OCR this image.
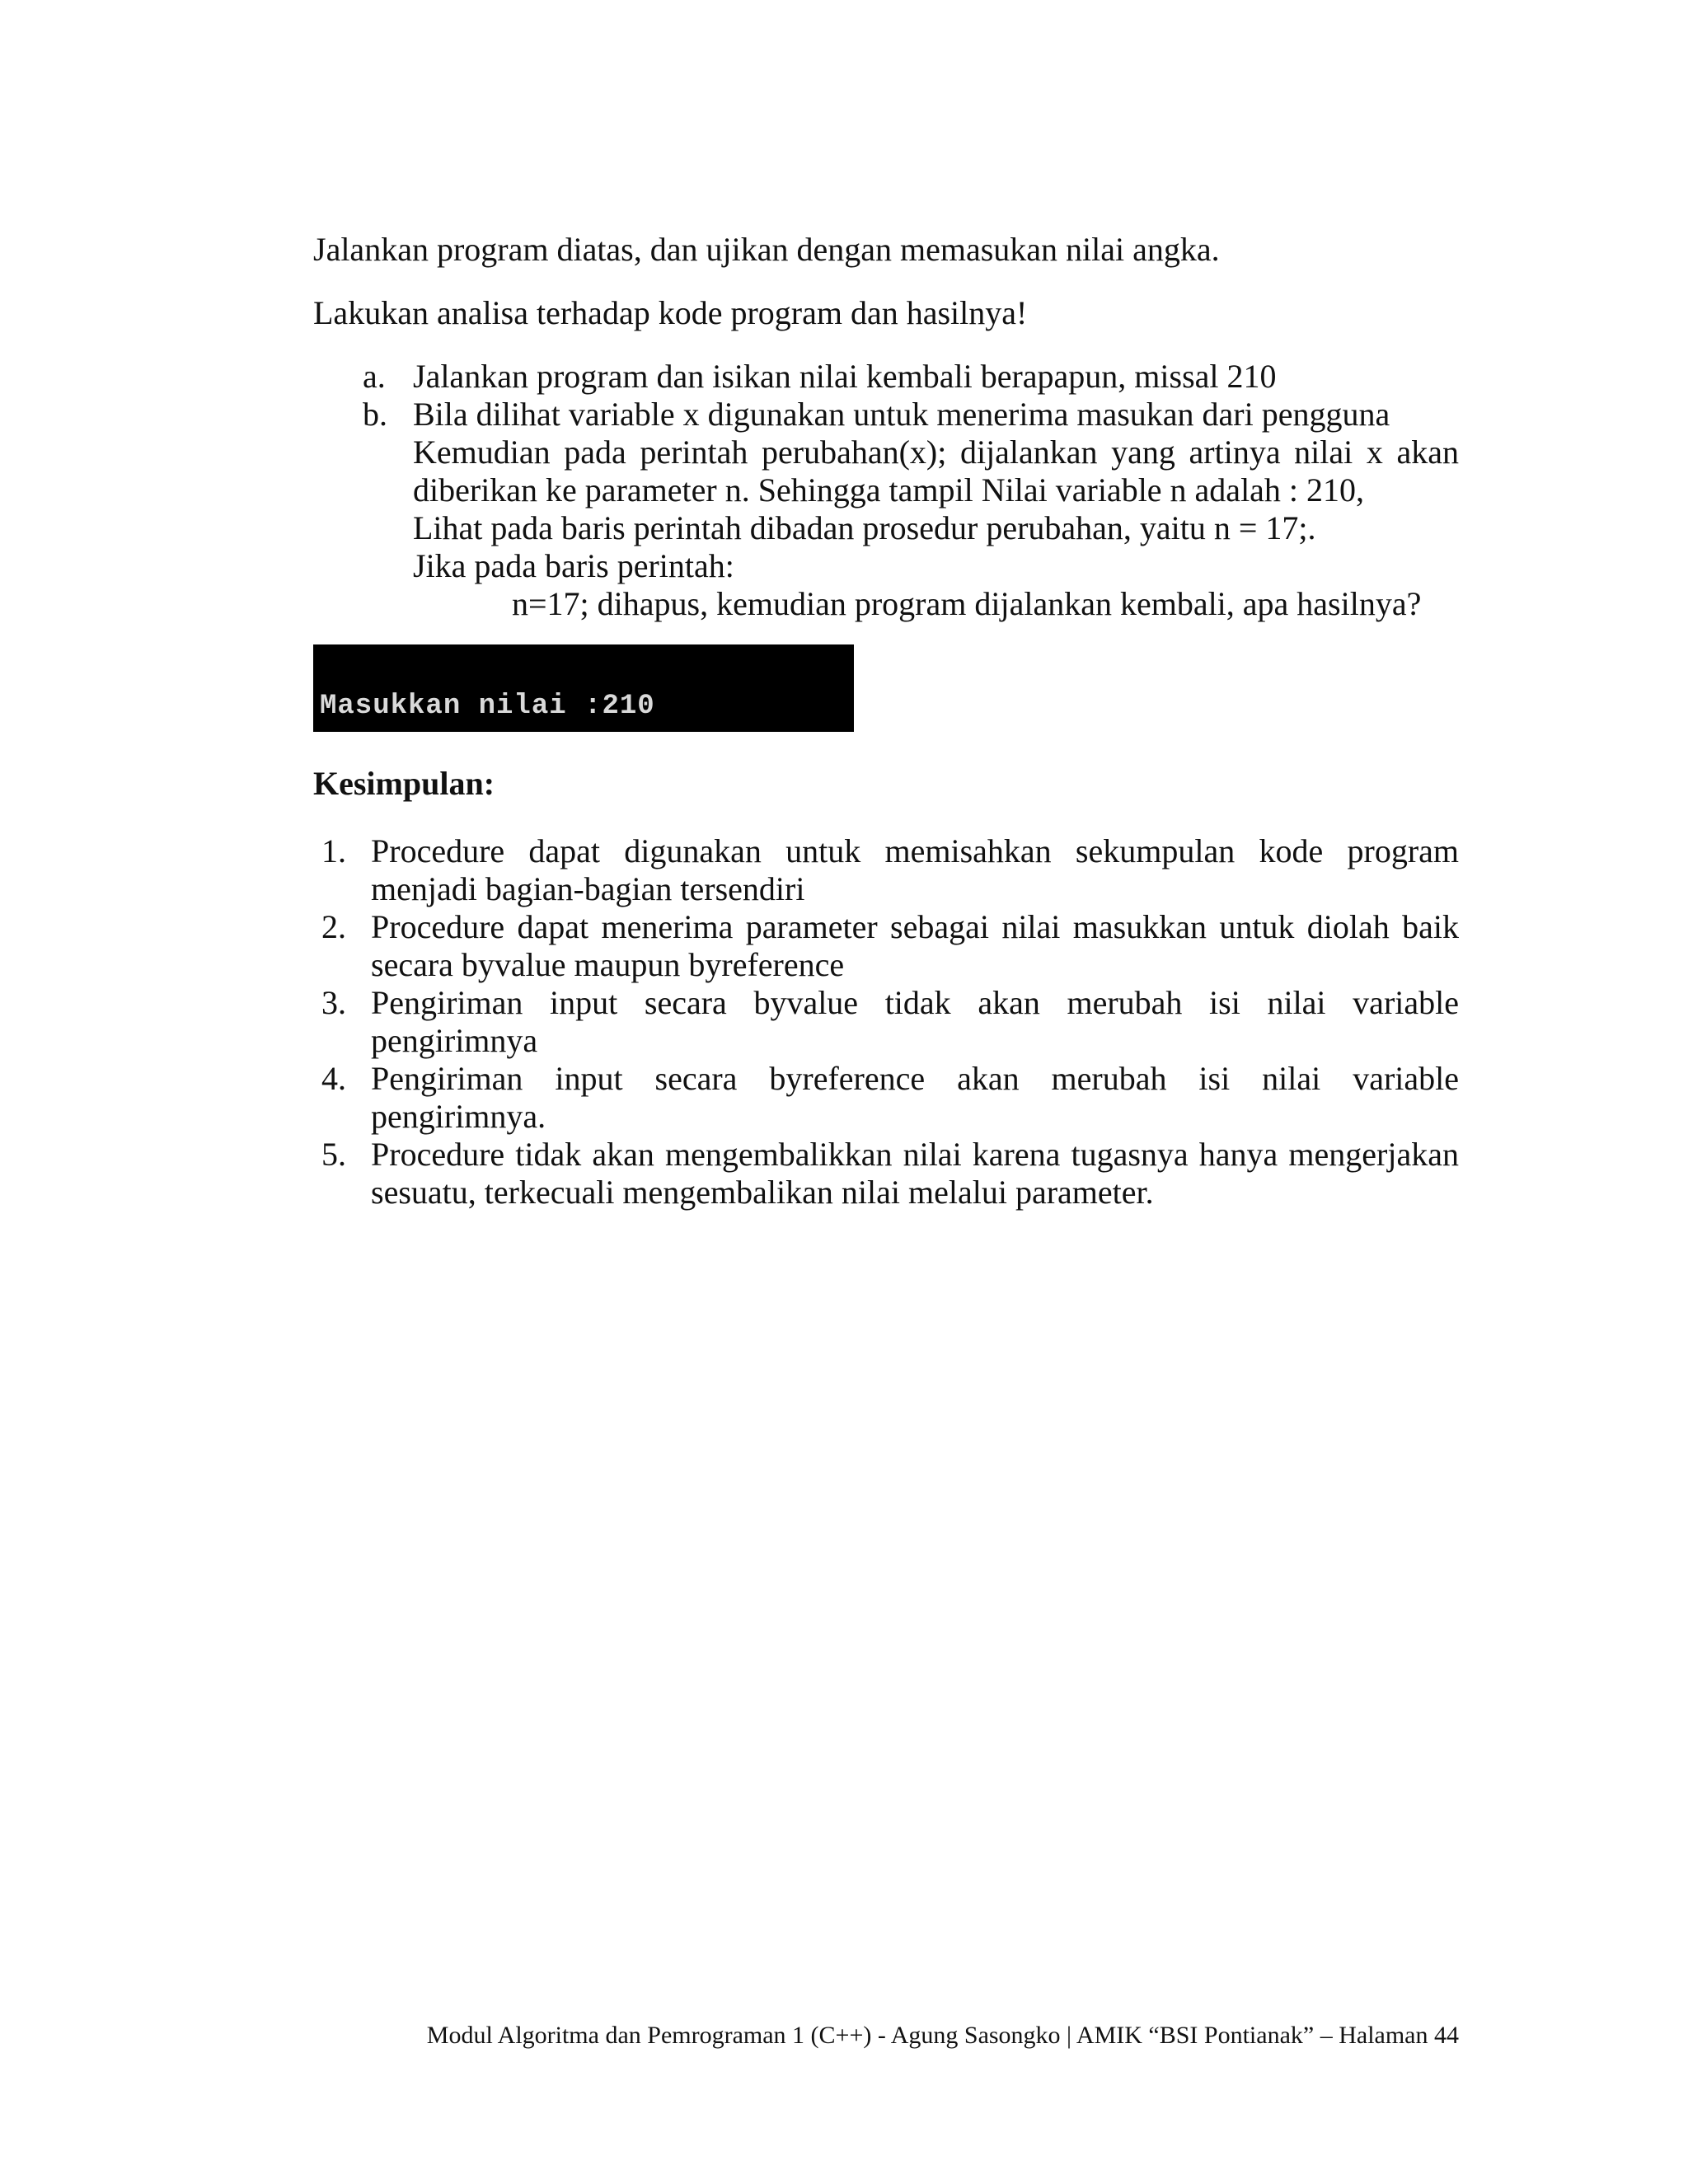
Jalankan program diatas, dan ujikan dengan memasukan nilai angka.

Lakukan analisa terhadap kode program dan hasilnya!

a. Jalankan program dan isikan nilai kembali berapapun, missal 210
b. Bila dilihat variable x digunakan untuk menerima masukan dari pengguna
Kemudian pada perintah perubahan(x); dijalankan yang artinya nilai x akan
diberikan ke parameter n. Sehingga tampil Nilai variable n adalah : 210,
Lihat pada baris perintah dibadan prosedur perubahan, yaitu n = 17;.
Jika pada baris perintah:
n=17; dihapus, kemudian program dijalankan kembali, apa hasilnya?

Masukkan nilai :210

Kesimpulan:
1. Procedure dapat digunakan untuk memisahkan sekumpulan kode program
menjadi bagian-bagian tersendiri
2. Procedure dapat menerima parameter sebagai nilai masukkan untuk diolah baik
secara byvalue maupun byreference
3. Pengiriman input secara byvalue tidak akan merubah isi nilai variable
pengirimnya
4. Pengiriman input secara byreference akan merubah isi nilai variable
pengirimnya.
5. Procedure tidak akan mengembalikkan nilai karena tugasnya hanya mengerjakan
sesuatu, terkecuali mengembalikan nilai melalui parameter.
Modul Algoritma dan Pemrograman 1 (C++) - Agung Sasongko | AMIK “BSI Pontianak” – Halaman 44
